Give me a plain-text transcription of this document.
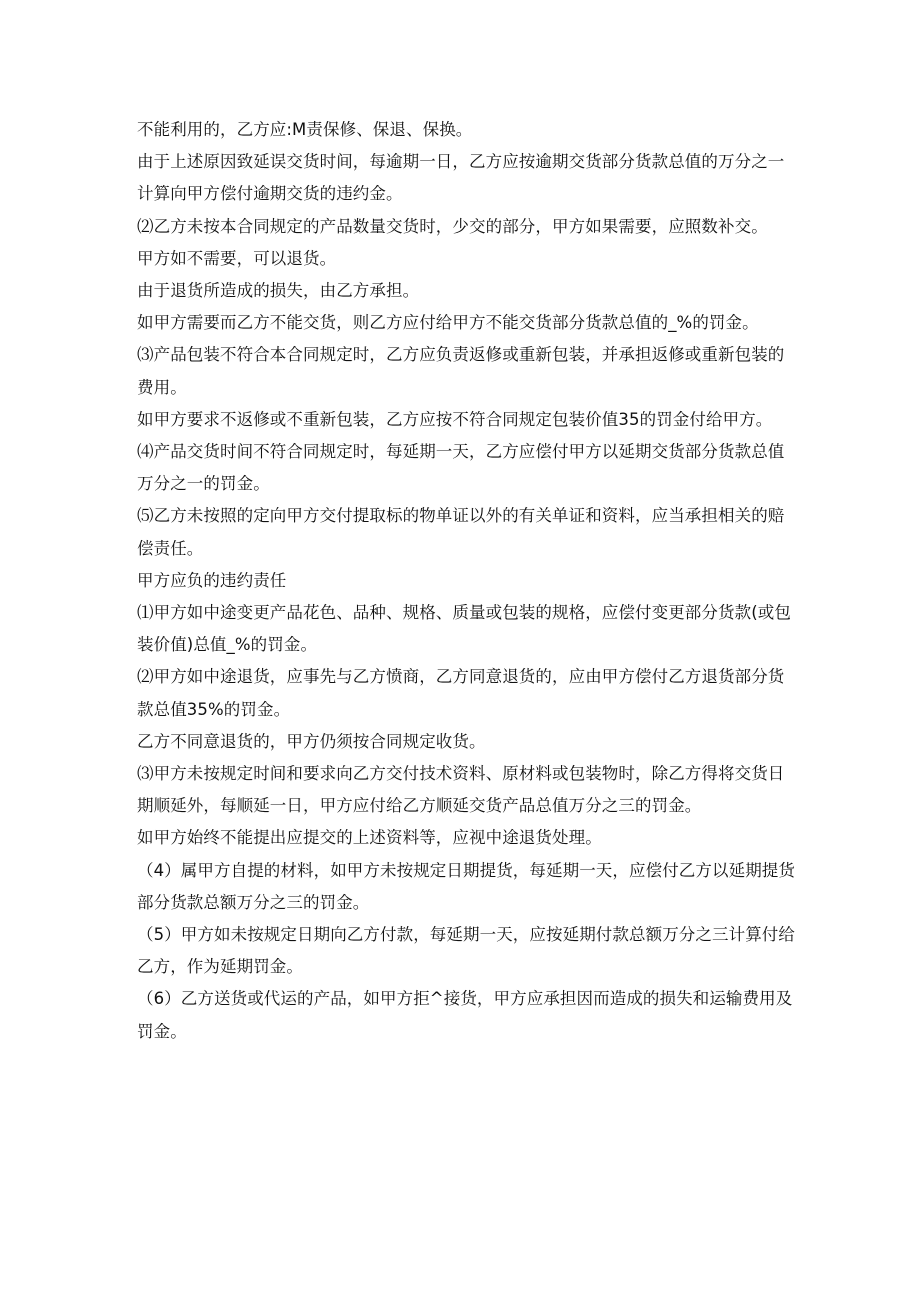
不能利用的，乙方应:M责保修、保退、保换。

由于上述原因致延误交货时间，每逾期一日，乙方应按逾期交货部分货款总值的万分之一计算向甲方偿付逾期交货的违约金。

⑵乙方未按本合同规定的产品数量交货时，少交的部分，甲方如果需要，应照数补交。

甲方如不需要，可以退货。

由于退货所造成的损失，由乙方承担。

如甲方需要而乙方不能交货，则乙方应付给甲方不能交货部分货款总值的_%的罚金。

⑶产品包装不符合本合同规定时，乙方应负责返修或重新包装，并承担返修或重新包装的费用。

如甲方要求不返修或不重新包装，乙方应按不符合同规定包装价值35的罚金付给甲方。

⑷产品交货时间不符合同规定时，每延期一天，乙方应偿付甲方以延期交货部分货款总值万分之一的罚金。

⑸乙方未按照的定向甲方交付提取标的物单证以外的有关单证和资料，应当承担相关的赔偿责任。

甲方应负的违约责任

⑴甲方如中途变更产品花色、品种、规格、质量或包装的规格，应偿付变更部分货款(或包装价值)总值_%的罚金。

⑵甲方如中途退货，应事先与乙方愤商，乙方同意退货的，应由甲方偿付乙方退货部分货款总值35%的罚金。

乙方不同意退货的，甲方仍须按合同规定收货。

⑶甲方未按规定时间和要求向乙方交付技术资料、原材料或包装物时，除乙方得将交货日期顺延外，每顺延一日，甲方应付给乙方顺延交货产品总值万分之三的罚金。

如甲方始终不能提出应提交的上述资料等，应视中途退货处理。

（4）属甲方自提的材料，如甲方未按规定日期提货，每延期一天，应偿付乙方以延期提货部分货款总额万分之三的罚金。

（5）甲方如未按规定日期向乙方付款，每延期一天，应按延期付款总额万分之三计算付给乙方，作为延期罚金。

（6）乙方送货或代运的产品，如甲方拒^接货，甲方应承担因而造成的损失和运输费用及罚金。
